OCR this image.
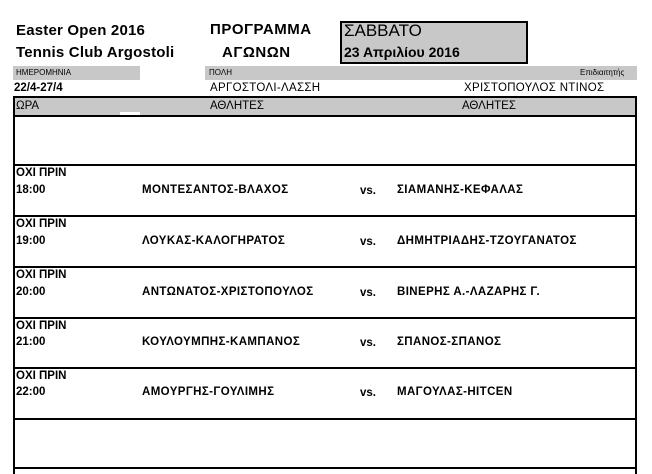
Easter Open 2016
Tennis Club Argostoli
ΠΡΟΓΡΑΜΜΑ
ΑΓΩΝΩΝ
ΣΑΒΒΑΤΟ
23 Απριλίου 2016
ΗΜΕΡΟΜΗΝΙΑ	ΠΟΛΗ	Επιδιαιτητής
22/4-27/4	ΑΡΓΟΣΤΟΛΙ-ΛΑΣΣΗ	ΧΡΙΣΤΟΠΟΥΛΟΣ ΝΤΙΝΟΣ
ΩΡΑ	ΑΘΛΗΤΕΣ	ΑΘΛΗΤΕΣ
ΟΧΙ ΠΡΙΝ
18:00	ΜΟΝΤΕΣΑΝΤΟΣ-ΒΛΑΧΟΣ	vs. ΣΙΑΜΑΝΗΣ-ΚΕΦΑΛΑΣ
ΟΧΙ ΠΡΙΝ
19:00	ΛΟΥΚΑΣ-ΚΑΛΟΓΗΡΑΤΟΣ	vs. ΔΗΜΗΤΡΙΑΔΗΣ-ΤΖΟΥΓΑΝΑΤΟΣ
ΟΧΙ ΠΡΙΝ
20:00	ΑΝΤΩΝΑΤΟΣ-ΧΡΙΣΤΟΠΟΥΛΟΣ	vs. ΒΙΝΕΡΗΣ Α.-ΛΑΖΑΡΗΣ Γ.
ΟΧΙ ΠΡΙΝ
21:00	ΚΟΥΛΟΥΜΠΗΣ-ΚΑΜΠΑΝΟΣ	vs. ΣΠΑΝΟΣ-ΣΠΑΝΟΣ
ΟΧΙ ΠΡΙΝ
22:00	ΑΜΟΥΡΓΗΣ-ΓΟΥΛΙΜΗΣ	vs. ΜΑΓΟΥΛΑΣ-HITCEN
